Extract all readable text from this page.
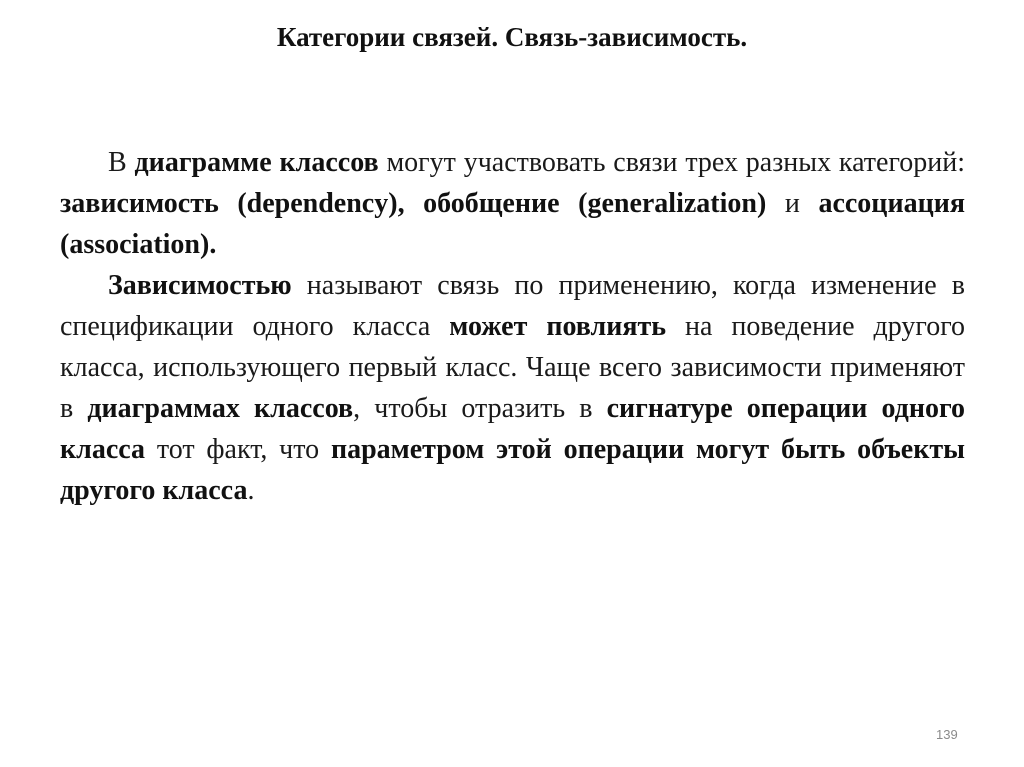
Категории связей. Связь-зависимость.

В диаграмме классов могут участвовать связи трех разных категорий: зависимость (dependency), обобщение (generalization) и ассоциация (association).

Зависимостью называют связь по применению, когда изменение в спецификации одного класса может повлиять на поведение другого класса, использующего первый класс. Чаще всего зависимости применяют в диаграммах классов, чтобы отразить в сигнатуре операции одного класса тот факт, что параметром этой операции могут быть объекты другого класса.

139
